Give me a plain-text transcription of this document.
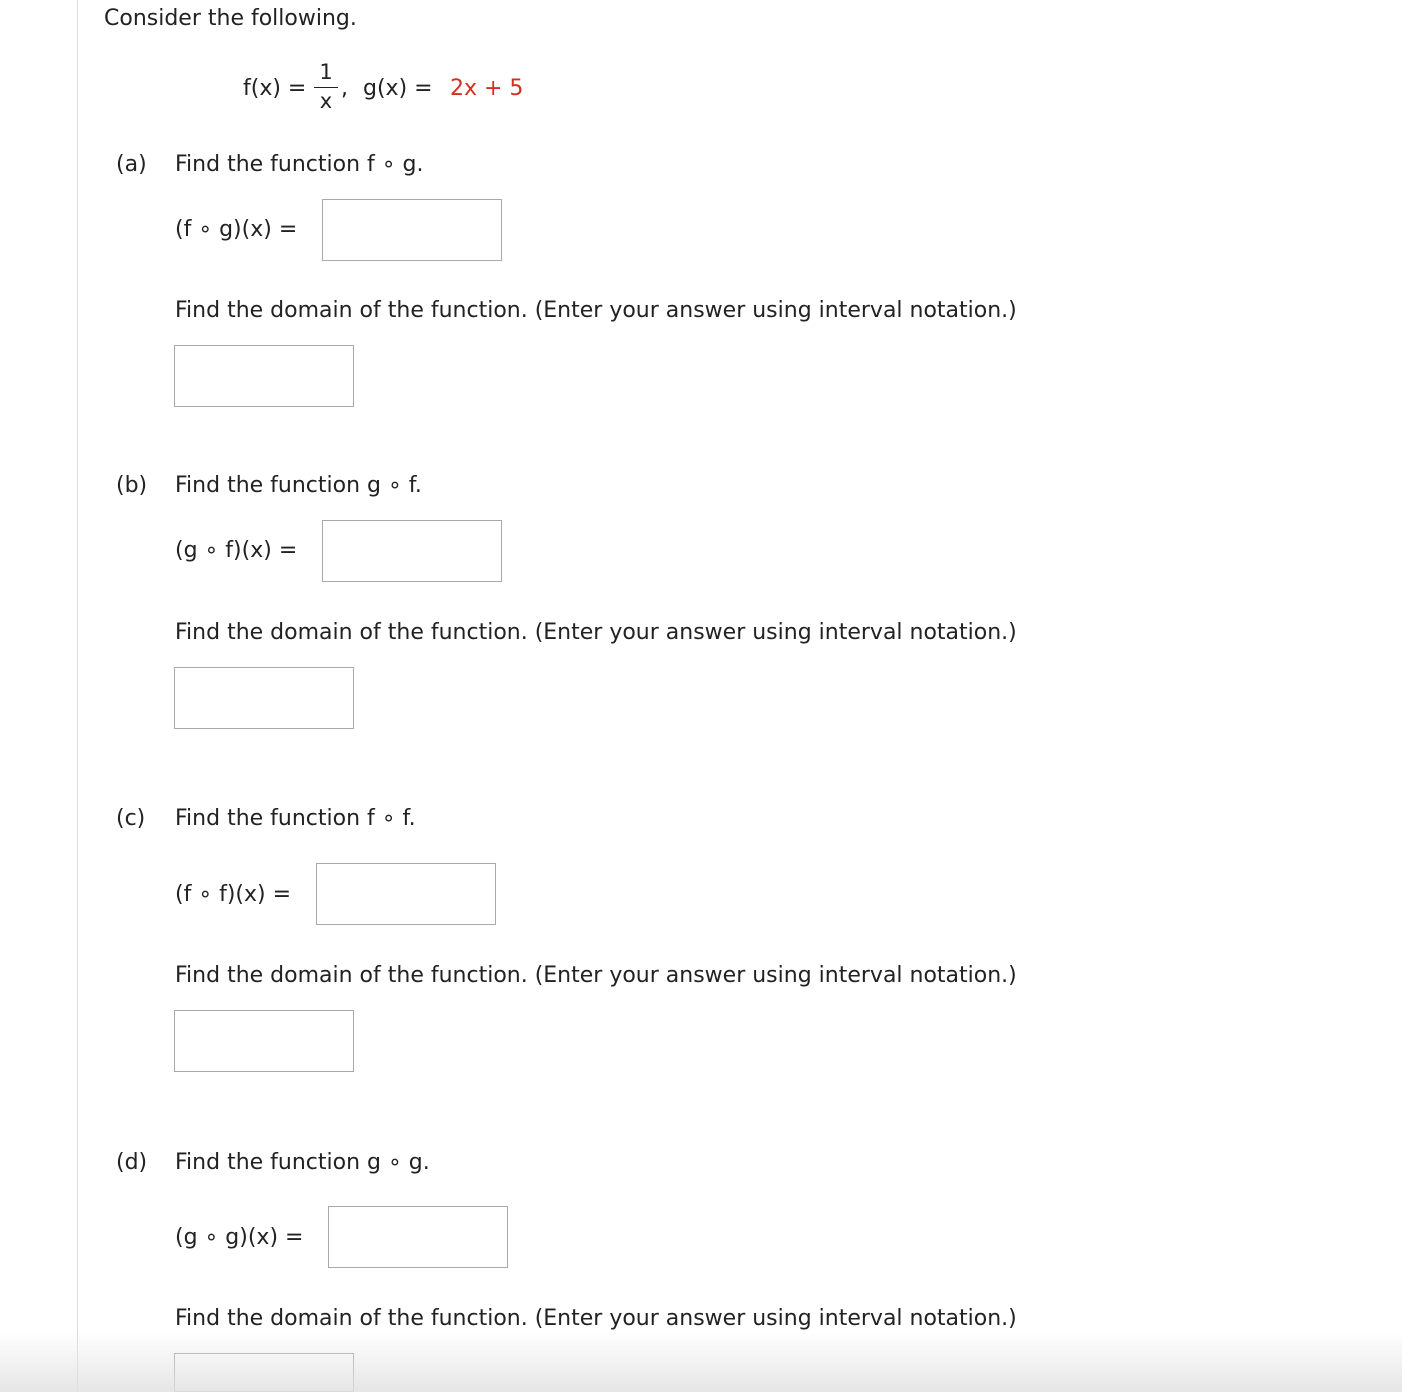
Consider the following.
f(x) =
1
x , g(x) = 2x + 5
(a) Find the function f ∘ g.
(f ∘ g)(x) =
Find the domain of the function. (Enter your answer using interval notation.)
(b) Find the function g ∘ f.
(g ∘ f)(x) =
Find the domain of the function. (Enter your answer using interval notation.)
(c) Find the function f ∘ f.
(f ∘ f)(x) =
Find the domain of the function. (Enter your answer using interval notation.)
(d) Find the function g ∘ g.
(g ∘ g)(x) =
Find the domain of the function. (Enter your answer using interval notation.)
